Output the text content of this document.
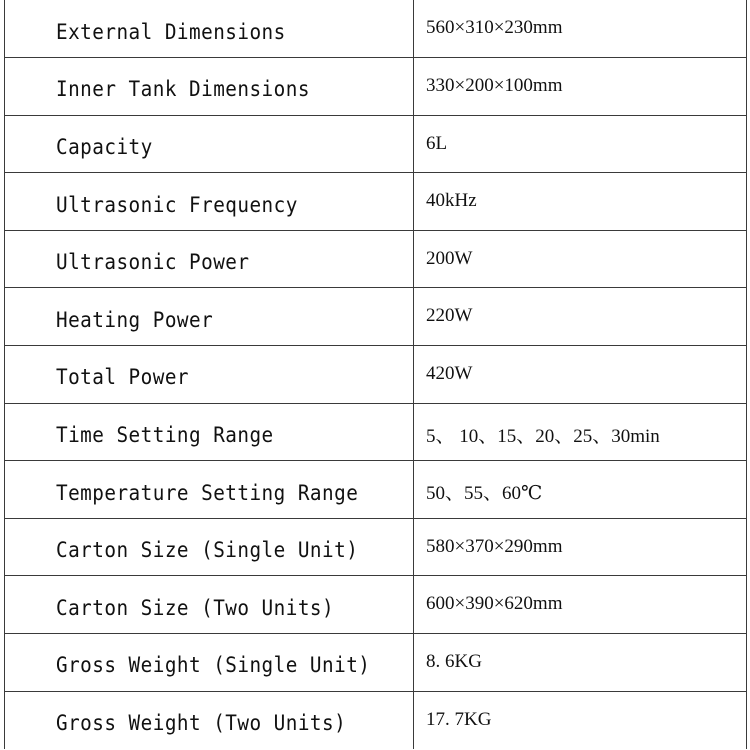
External Dimensions	560×310×230mm
Inner Tank Dimensions	330×200×100mm
Capacity	6L
Ultrasonic Frequency	40kHz
Ultrasonic Power	200W
Heating Power	220W
Total Power	420W
Time Setting Range	5、 10、15、20、25、30min
Temperature Setting Range	50、55、60℃
Carton Size (Single Unit)	580×370×290mm
Carton Size (Two Units)	600×390×620mm
Gross Weight (Single Unit)	8. 6KG
Gross Weight (Two Units)	17. 7KG
